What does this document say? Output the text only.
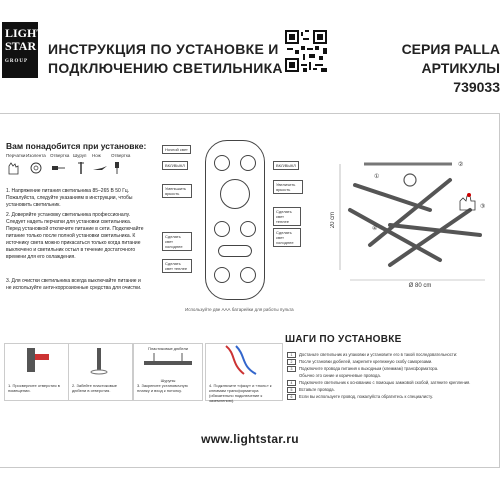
LIGHT
STAR
GROUP
ИНСТРУКЦИЯ ПО УСТАНОВКЕ И
ПОДКЛЮЧЕНИЮ СВЕТИЛЬНИКА
СЕРИЯ PALLA
АРТИКУЛЫ 739033
Вам понадобится при установке:
Перчатки Изолента Отвертка Шуруп Нож Отвертка
1. Напряжение питания светильника 85–265 В 50 Гц. Пожалуйста, следуйте указаниям в инструкции, чтобы установить светильник.
2. Доверяйте установку светильника профессионалу. Следует надеть перчатки для установки светильника. Перед установкой отключите питание в сети. Подключайте питание только после полной установки светильника. К источнику света можно прикасаться только когда питание выключено и светильник остыл в течение достаточного времени для его охлаждения.
3. Для очистки светильника всегда выключайте питание и не используйте анти-коррозионные средства для очистки.
Ночной свет
ВКЛ/ВЫКЛ	ВКЛ/ВЫКЛ
Уменьшить яркость
Увеличить яркость
Сделать свет теплее
Сделать свет холоднее
Сделать свет холоднее
Сделать свет теплее
Используйте две ААА батарейки для работы пульта
20 cm
Ø 80 cm
①
②
③
④
1. Просверлите отверстия в помещении.
2. Забейте пластиковые дюбели в отверстия.
Пластиковые дюбели
Шурупы
3. Закрепите установочную планку и вход к потолку.
4. Подключите «фазу» и «ноль» к клеммам трансформатора (обязательно подключение к заземлению).
ШАГИ ПО УСТАНОВКЕ
1 Достаньте светильник из упаковки и установите его в такой последовательности:
2 После установки дюбелей, закрепите крепежную скобу саморезами.
3 Подключите провода питания к выходным (клеммам) трансформатора.
Обычно это синие и коричневые провода.
4 Подключите светильник к основанию с помощью замковой скобой, затяните крепления.
5 Вставьте провода.
6 Если вы используете провод, пожалуйста обратитесь к специалисту.
www.lightstar.ru
